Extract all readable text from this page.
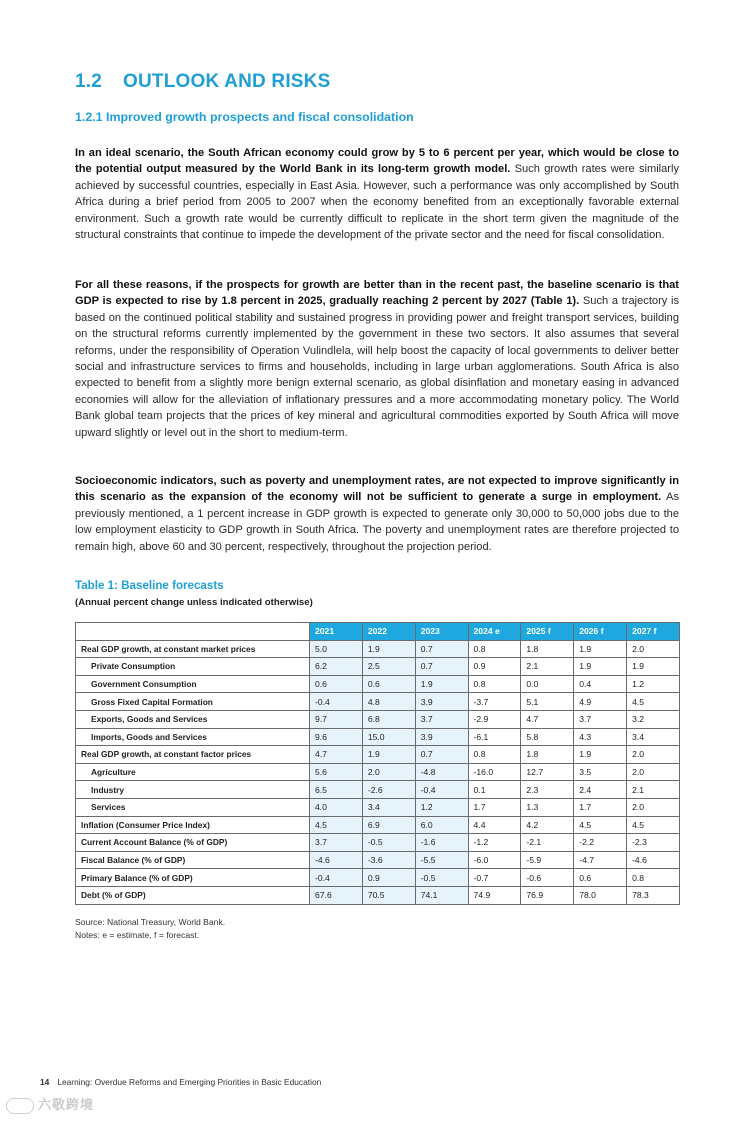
1.2 OUTLOOK AND RISKS
1.2.1 Improved growth prospects and fiscal consolidation

In an ideal scenario, the South African economy could grow by 5 to 6 percent per year, which would be close to the potential output measured by the World Bank in its long-term growth model. Such growth rates were similarly achieved by successful countries, especially in East Asia. However, such a performance was only accomplished by South Africa during a brief period from 2005 to 2007 when the economy benefited from an exceptionally favorable external environment. Such a growth rate would be currently difficult to replicate in the short term given the magnitude of the structural constraints that continue to impede the development of the private sector and the need for fiscal consolidation.

For all these reasons, if the prospects for growth are better than in the recent past, the baseline scenario is that GDP is expected to rise by 1.8 percent in 2025, gradually reaching 2 percent by 2027 (Table 1). Such a trajectory is based on the continued political stability and sustained progress in providing power and freight transport services, building on the structural reforms currently implemented by the government in these two sectors. It also assumes that several reforms, under the responsibility of Operation Vulindlela, will help boost the capacity of local governments to deliver better social and infrastructure services to firms and households, including in large urban agglomerations. South Africa is also expected to benefit from a slightly more benign external scenario, as global disinflation and monetary easing in advanced economies will allow for the alleviation of inflationary pressures and a more accommodating monetary policy. The World Bank global team projects that the prices of key mineral and agricultural commodities exported by South Africa will move upward slightly or level out in the short to medium-term.

Socioeconomic indicators, such as poverty and unemployment rates, are not expected to improve significantly in this scenario as the expansion of the economy will not be sufficient to generate a surge in employment. As previously mentioned, a 1 percent increase in GDP growth is expected to generate only 30,000 to 50,000 jobs due to the low employment elasticity to GDP growth in South Africa. The poverty and unemployment rates are therefore projected to remain high, above 60 and 30 percent, respectively, throughout the projection period.

Table 1: Baseline forecasts
(Annual percent change unless indicated otherwise)
	2021	2022	2023	2024 e	2025 f	2026 f	2027 f
Real GDP growth, at constant market prices	5.0	1.9	0.7	0.8	1.8	1.9	2.0
Private Consumption	6.2	2.5	0.7	0.9	2.1	1.9	1.9
Government Consumption	0.6	0.6	1.9	0.8	0.0	0.4	1.2
Gross Fixed Capital Formation	-0.4	4.8	3.9	-3.7	5.1	4.9	4.5
Exports, Goods and Services	9.7	6.8	3.7	-2.9	4.7	3.7	3.2
Imports, Goods and Services	9.6	15.0	3.9	-6.1	5.8	4.3	3.4
Real GDP growth, at constant factor prices	4.7	1.9	0.7	0.8	1.8	1.9	2.0
Agriculture	5.6	2.0	-4.8	-16.0	12.7	3.5	2.0
Industry	6.5	-2.6	-0.4	0.1	2.3	2.4	2.1
Services	4.0	3.4	1.2	1.7	1.3	1.7	2.0
Inflation (Consumer Price Index)	4.5	6.9	6.0	4.4	4.2	4.5	4.5
Current Account Balance (% of GDP)	3.7	-0.5	-1.6	-1.2	-2.1	-2.2	-2.3
Fiscal Balance (% of GDP)	-4.6	-3.6	-5.5	-6.0	-5.9	-4.7	-4.6
Primary Balance (% of GDP)	-0.4	0.9	-0.5	-0.7	-0.6	0.6	0.8
Debt (% of GDP)	67.6	70.5	74.1	74.9	76.9	78.0	78.3
Source: National Treasury, World Bank.
Notes: e = estimate, f = forecast.
14 Learning: Overdue Reforms and Emerging Priorities in Basic Education
六敬跨境
